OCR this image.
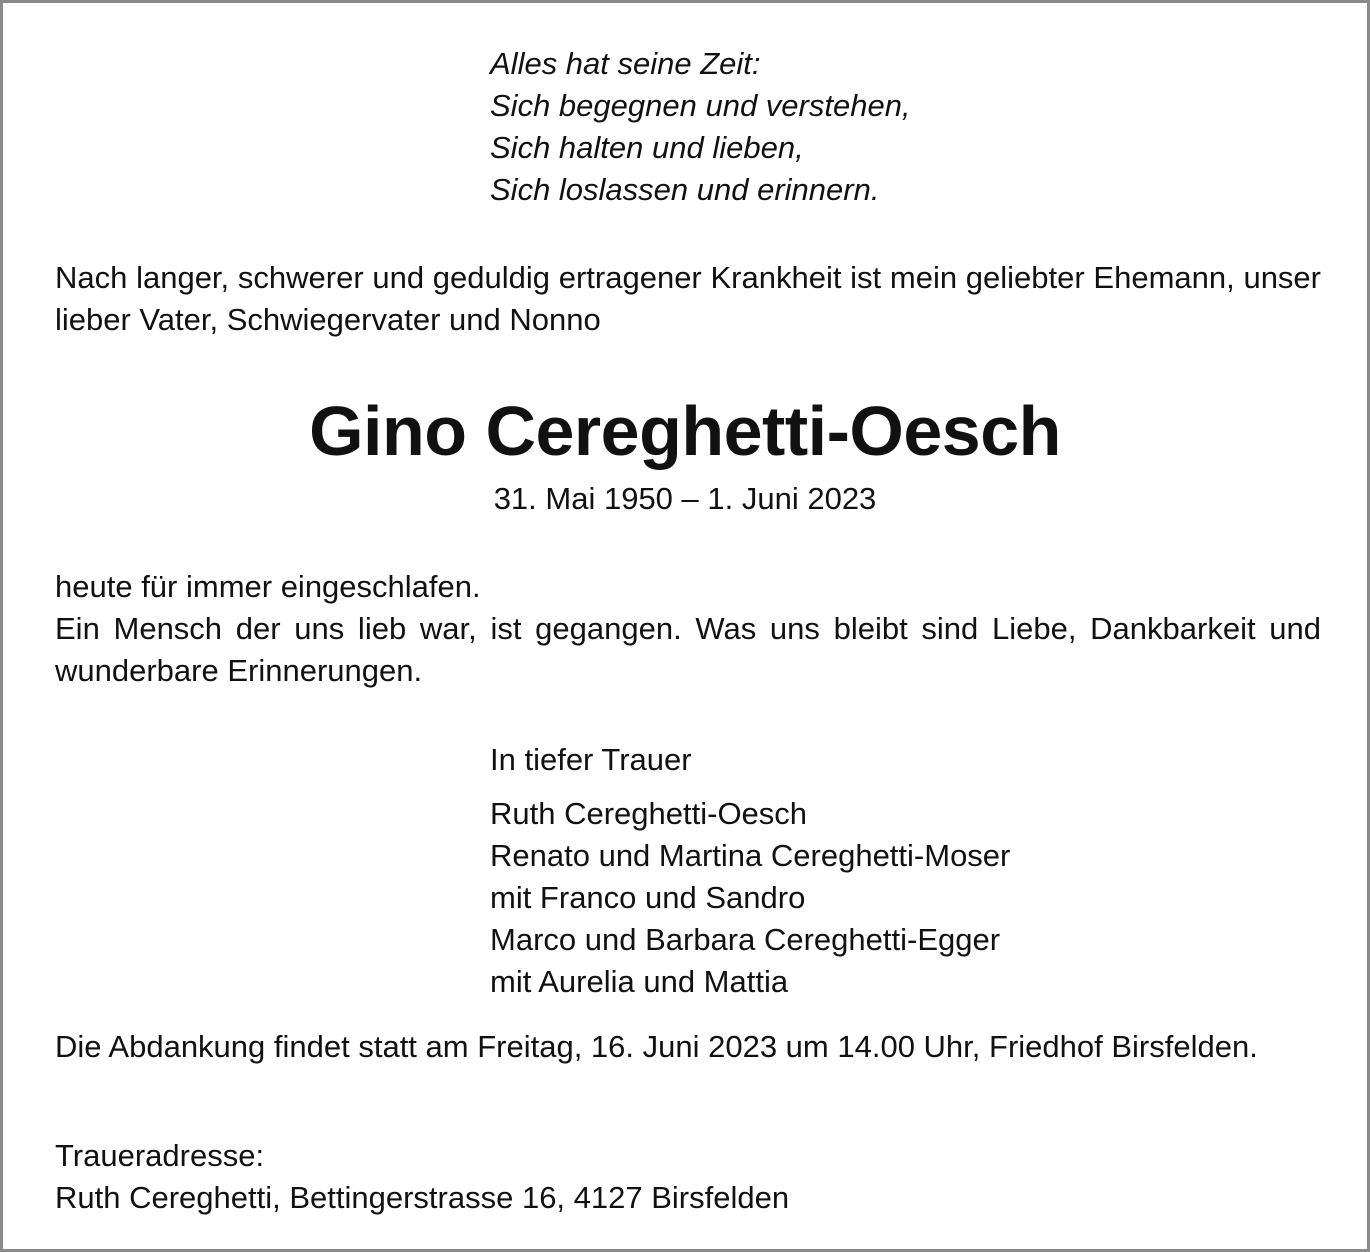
Alles hat seine Zeit:
Sich begegnen und verstehen,
Sich halten und lieben,
Sich loslassen und erinnern.

Nach langer, schwerer und geduldig ertragener Krankheit ist mein geliebter Ehemann, unser lieber Vater, Schwiegervater und Nonno

Gino Cereghetti-Oesch
31. Mai 1950 – 1. Juni 2023
heute für immer eingeschlafen.
Ein Mensch der uns lieb war, ist gegangen. Was uns bleibt sind Liebe, Dankbarkeit und wunderbare Erinnerungen.
In tiefer Trauer
Ruth Cereghetti-Oesch
Renato und Martina Cereghetti-Moser
mit Franco und Sandro
Marco und Barbara Cereghetti-Egger
mit Aurelia und Mattia

Die Abdankung findet statt am Freitag, 16. Juni 2023 um 14.00 Uhr, Friedhof Birsfelden.

Traueradresse:
Ruth Cereghetti, Bettingerstrasse 16, 4127 Birsfelden
